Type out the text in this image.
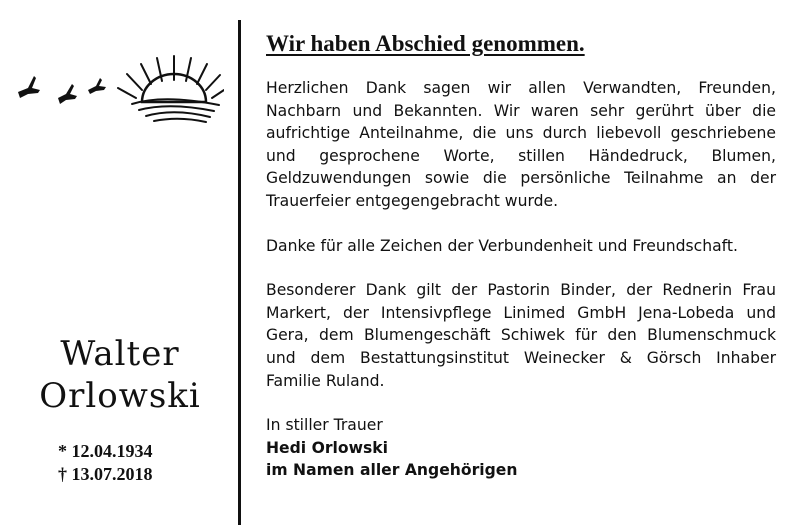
Walter
Orlowski
* 12.04.1934
† 13.07.2018
Wir haben Abschied genommen.

Herzlichen Dank sagen wir allen Verwandten, Freunden, Nachbarn und Bekannten. Wir waren sehr gerührt über die aufrichtige Anteilnahme, die uns durch liebevoll geschriebene und gesprochene Worte, stillen Händedruck, Blumen, Geldzuwendungen sowie die persönliche Teilnahme an der Trauerfeier entgegengebracht wurde.

Danke für alle Zeichen der Verbundenheit und Freundschaft.

Besonderer Dank gilt der Pastorin Binder, der Rednerin Frau Markert, der Intensivpflege Linimed GmbH Jena-Lobeda und Gera, dem Blumengeschäft Schiwek für den Blumenschmuck und dem Bestattungsinstitut Weinecker & Görsch Inhaber Familie Ruland.

In stiller Trauer
Hedi Orlowski
im Namen aller Angehörigen
